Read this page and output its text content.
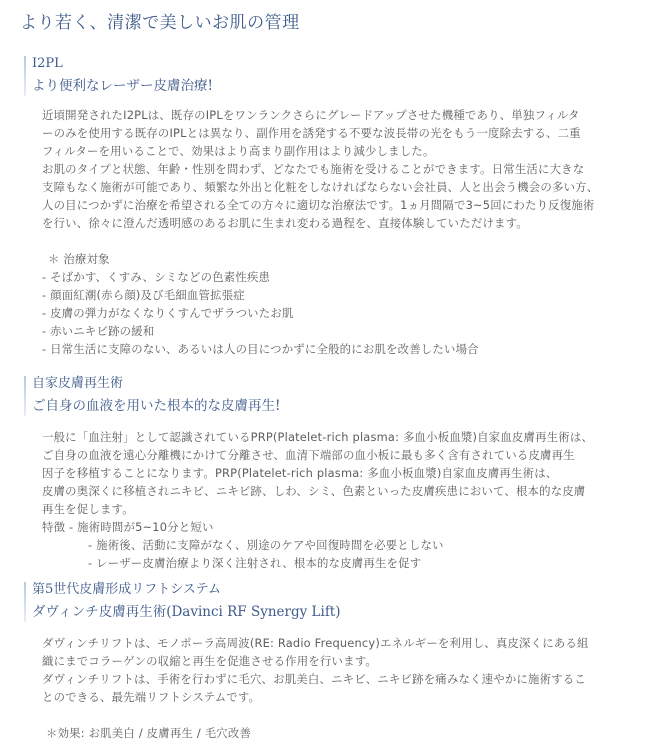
より若く、清潔で美しいお肌の管理
I2PL
より便利なレーザー皮膚治療!
近頃開発されたI2PLは、既存のIPLをワンランクさらにグレードアップさせた機種であり、単独フィルタ
ーのみを使用する既存のIPLとは異なり、副作用を誘発する不要な波長帯の光をもう一度除去する、二重
フィルターを用いることで、効果はより高まり副作用はより減少しました。
お肌のタイプと状態、年齢・性別を問わず、どなたでも施術を受けることができます。日常生活に大きな
支障もなく施術が可能であり、頻繁な外出と化粧をしなければならない会社員、人と出会う機会の多い方、
人の目につかずに治療を希望される全ての方々に適切な治療法です。1ヵ月間隔で3~5回にわたり反復施術
を行い、徐々に澄んだ透明感のあるお肌に生まれ変わる過程を、直接体験していただけます。
＊ 治療対象
- そばかす、くすみ、シミなどの色素性疾患
- 顔面紅潮(赤ら顔)及び毛細血管拡張症
- 皮膚の弾力がなくなりくすんでザラついたお肌
- 赤いニキビ跡の緩和
- 日常生活に支障のない、あるいは人の目につかずに全般的にお肌を改善したい場合
自家皮膚再生術
ご自身の血液を用いた根本的な皮膚再生!
一般に「血注射」として認識されているPRP(Platelet-rich plasma: 多血小板血漿)自家血皮膚再生術は、
ご自身の血液を遠心分離機にかけて分離させ、血清下端部の血小板に最も多く含有されている皮膚再生
因子を移植することになります。PRP(Platelet-rich plasma: 多血小板血漿)自家血皮膚再生術は、
皮膚の奥深くに移植されニキビ、ニキビ跡、しわ、シミ、色素といった皮膚疾患において、根本的な皮膚
再生を促します。
特徴 - 施術時間が5~10分と短い
- 施術後、活動に支障がなく、別途のケアや回復時間を必要としない
- レーザー皮膚治療より深く注射され、根本的な皮膚再生を促す
第5世代皮膚形成リフトシステム
ダヴィンチ皮膚再生術(Davinci RF Synergy Lift)
ダヴィンチリフトは、モノポーラ高周波(RE: Radio Frequency)エネルギーを利用し、真皮深くにある組
織にまでコラーゲンの収縮と再生を促進させる作用を行います。
ダヴィンチリフトは、手術を行わずに毛穴、お肌美白、ニキビ、ニキビ跡を痛みなく速やかに施術するこ
とのできる、最先端リフトシステムです。
＊効果: お肌美白 / 皮膚再生 / 毛穴改善
